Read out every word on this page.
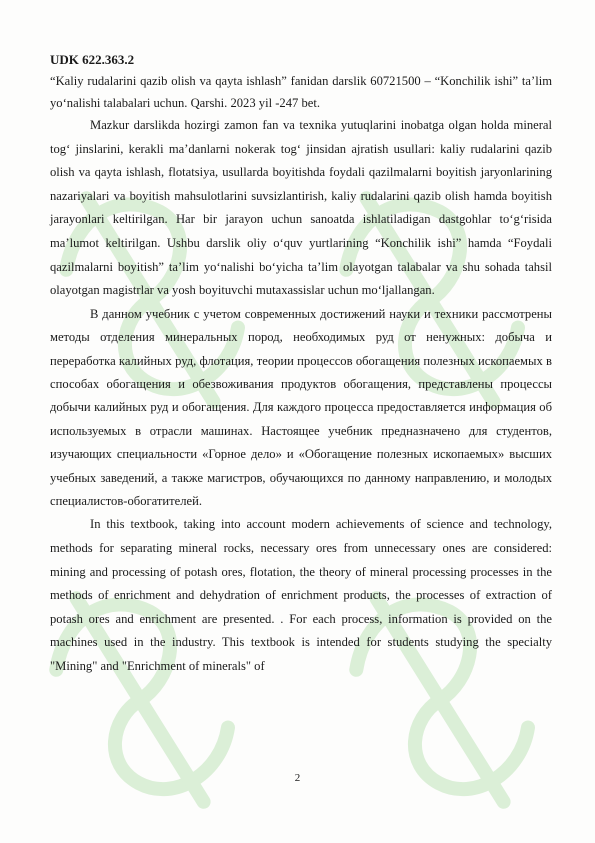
UDK 622.363.2

“Kaliy rudalarini qazib olish va qayta ishlash” fanidan darslik 60721500 – “Konchilik ishi” ta’lim yo‘nalishi talabalari uchun. Qarshi. 2023 yil -247 bet.

Mazkur darslikda hozirgi zamon fan va texnika yutuqlarini inobatga olgan holda mineral tog‘ jinslarini, kerakli ma’danlarni nokerak tog‘ jinsidan ajratish usullari: kaliy rudalarini qazib olish va qayta ishlash, flotatsiya, usullarda boyitishda foydali qazilmalarni boyitish jaryonlarining nazariyalari va boyitish mahsulotlarini suvsizlantirish, kaliy rudalarini qazib olish hamda boyitish jarayonlari keltirilgan. Har bir jarayon uchun sanoatda ishlatiladigan dastgohlar to‘g‘risida ma’lumot keltirilgan. Ushbu darslik oliy o‘quv yurtlarining “Konchilik ishi” hamda “Foydali qazilmalarni boyitish” ta’lim yo‘nalishi bo‘yicha ta’lim olayotgan talabalar va shu sohada tahsil olayotgan magistrlar va yosh boyituvchi mutaxassislar uchun mo‘ljallangan.

В данном учебник с учетом современных достижений науки и техники рассмотрены методы отделения минеральных пород, необходимых руд от ненужных: добыча и переработка калийных руд, флотация, теории процессов обогащения полезных ископаемых в способах обогащения и обезвоживания продуктов обогащения, представлены процессы добычи калийных руд и обогащения. Для каждого процесса предоставляется информация об используемых в отрасли машинах. Настоящее учебник предназначено для студентов, изучающих специальности «Горное дело» и «Обогащение полезных ископаемых» высших учебных заведений, а также магистров, обучающихся по данному направлению, и молодых специалистов-обогатителей.

In this textbook, taking into account modern achievements of science and technology, methods for separating mineral rocks, necessary ores from unnecessary ones are considered: mining and processing of potash ores, flotation, the theory of mineral processing processes in the methods of enrichment and dehydration of enrichment products, the processes of extraction of potash ores and enrichment are presented. . For each process, information is provided on the machines used in the industry. This textbook is intended for students studying the specialty "Mining" and "Enrichment of minerals" of

2
